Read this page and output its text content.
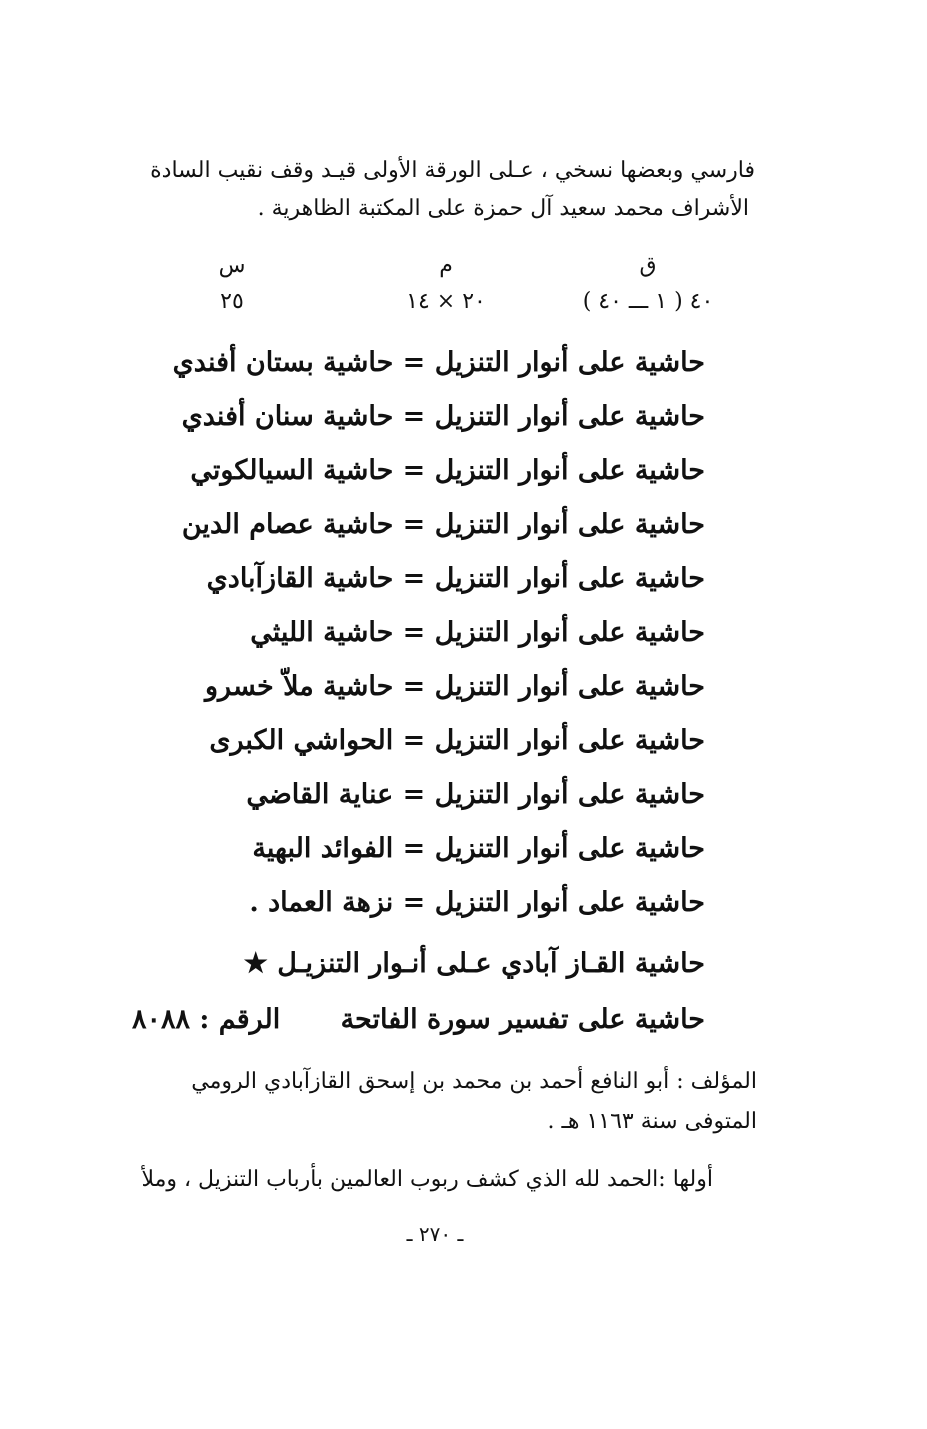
فارسي وبعضها نسخي ، عـلى الورقة الأولى قيـد وقف نقيب السادة
الأشراف محمد سعيد آل حمزة على المكتبة الظاهرية .
ق
٤٠ ( ١ ـــ ٤٠ )
م
٢٠ × ١٤
س
٢٥
حاشية على أنوار التنزيل = حاشية بستان أفندي
حاشية على أنوار التنزيل = حاشية سنان أفندي
حاشية على أنوار التنزيل = حاشية السيالكوتي
حاشية على أنوار التنزيل = حاشية عصام الدين
حاشية على أنوار التنزيل = حاشية القازآبادي
حاشية على أنوار التنزيل = حاشية الليثي
حاشية على أنوار التنزيل = حاشية ملاّ خسرو
حاشية على أنوار التنزيل = الحواشي الكبرى
حاشية على أنوار التنزيل = عناية القاضي
حاشية على أنوار التنزيل = الفوائد البهية
حاشية على أنوار التنزيل = نزهة العماد .
حاشية القـاز آبادي عـلى أنـوار التنزيـل ★
حاشية على تفسير سورة الفاتحة
الرقم : ٨٠٨٨
المؤلف : أبو النافع أحمد بن محمد بن إسحق القازآبادي الرومي
المتوفى سنة ١١٦٣ هـ .
أولها :الحمد لله الذي كشف ربوب العالمين بأرباب التنزيل ، وملأ
ـ ٢٧٠ ـ
